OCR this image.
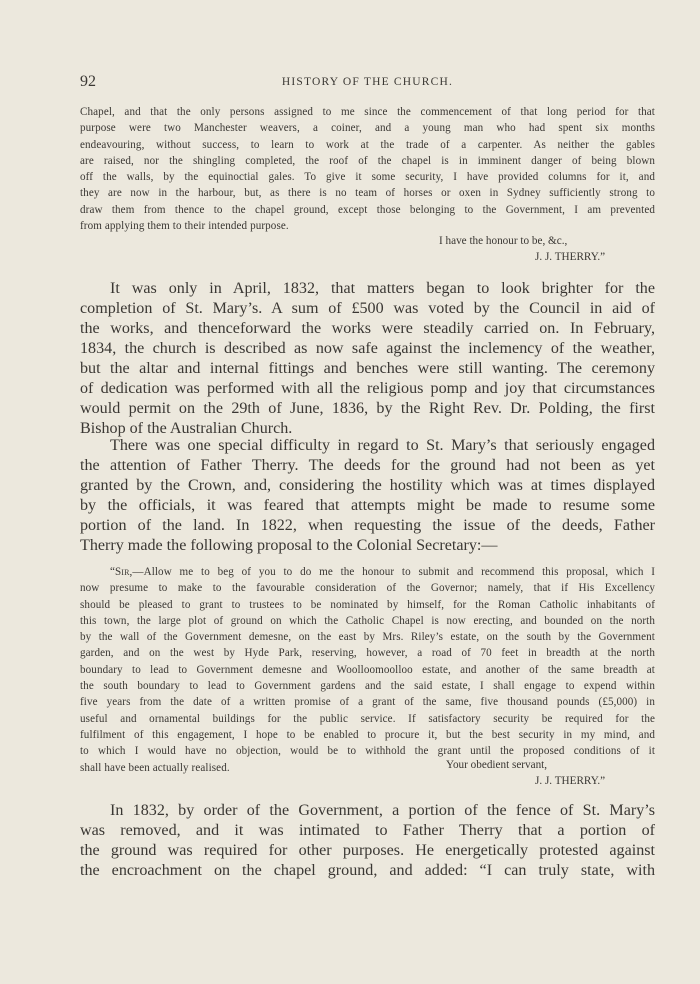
92	HISTORY OF THE CHURCH.
Chapel, and that the only persons assigned to me since the commencement of that long period for that
purpose were two Manchester weavers, a coiner, and a young man who had spent six months
endeavouring, without success, to learn to work at the trade of a carpenter. As neither the gables
are raised, nor the shingling completed, the roof of the chapel is in imminent danger of being blown
off the walls, by the equinoctial gales. To give it some security, I have provided columns for it, and
they are now in the harbour, but, as there is no team of horses or oxen in Sydney sufficiently strong to
draw them from thence to the chapel ground, except those belonging to the Government, I am prevented
from applying them to their intended purpose.
I have the honour to be, &c.,
J. J. THERRY.”
It was only in April, 1832, that matters began to look brighter for the
completion of St. Mary’s. A sum of £500 was voted by the Council in aid of
the works, and thenceforward the works were steadily carried on. In February,
1834, the church is described as now safe against the inclemency of the weather,
but the altar and internal fittings and benches were still wanting. The ceremony
of dedication was performed with all the religious pomp and joy that circumstances
would permit on the 29th of June, 1836, by the Right Rev. Dr. Polding, the first
Bishop of the Australian Church.
There was one special difficulty in regard to St. Mary’s that seriously engaged
the attention of Father Therry. The deeds for the ground had not been as yet
granted by the Crown, and, considering the hostility which was at times displayed
by the officials, it was feared that attempts might be made to resume some
portion of the land. In 1822, when requesting the issue of the deeds, Father
Therry made the following proposal to the Colonial Secretary:—
“Sir,—Allow me to beg of you to do me the honour to submit and recommend this proposal, which I
now presume to make to the favourable consideration of the Governor; namely, that if His Excellency
should be pleased to grant to trustees to be nominated by himself, for the Roman Catholic inhabitants of
this town, the large plot of ground on which the Catholic Chapel is now erecting, and bounded on the north
by the wall of the Government demesne, on the east by Mrs. Riley’s estate, on the south by the Government
garden, and on the west by Hyde Park, reserving, however, a road of 70 feet in breadth at the north
boundary to lead to Government demesne and Woolloomoolloo estate, and another of the same breadth at
the south boundary to lead to Government gardens and the said estate, I shall engage to expend within
five years from the date of a written promise of a grant of the same, five thousand pounds (£5,000) in
useful and ornamental buildings for the public service. If satisfactory security be required for the
fulfilment of this engagement, I hope to be enabled to procure it, but the best security in my mind, and
to which I would have no objection, would be to withhold the grant until the proposed conditions of it
shall have been actually realised.	Your obedient servant,
J. J. THERRY.”
In 1832, by order of the Government, a portion of the fence of St. Mary’s
was removed, and it was intimated to Father Therry that a portion of
the ground was required for other purposes. He energetically protested against
the encroachment on the chapel ground, and added: “I can truly state, with
